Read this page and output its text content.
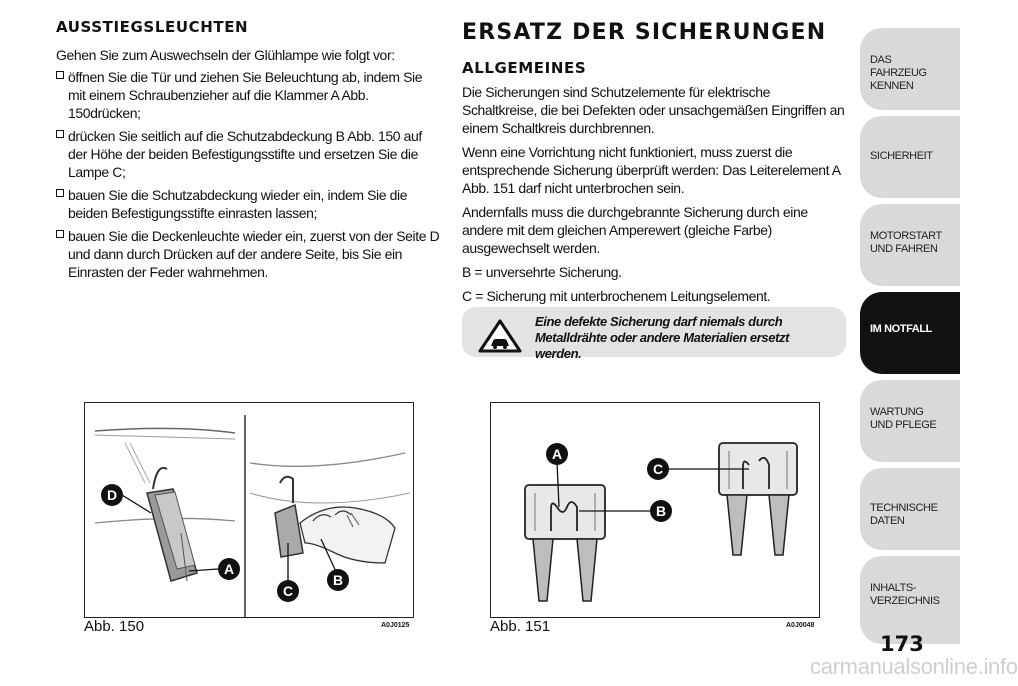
AUSSTIEGSLEUCHTEN

Gehen Sie zum Auswechseln der Glühlampe wie folgt vor:

öffnen Sie die Tür und ziehen Sie Beleuchtung ab, indem Sie mit einem Schraubenzieher auf die Klammer A Abb. 150drücken;
drücken Sie seitlich auf die Schutzabdeckung B Abb. 150 auf der Höhe der beiden Befestigungsstifte und ersetzen Sie die Lampe C;
bauen Sie die Schutzabdeckung wieder ein, indem Sie die beiden Befestigungsstifte einrasten lassen;
bauen Sie die Deckenleuchte wieder ein, zuerst von der Seite D und dann durch Drücken auf der andere Seite, bis Sie ein Einrasten der Feder wahrnehmen.
ERSATZ DER SICHERUNGEN
ALLGEMEINES

Die Sicherungen sind Schutzelemente für elektrische Schaltkreise, die bei Defekten oder unsachgemäßen Eingriffen an einem Schaltkreis durchbrennen.

Wenn eine Vorrichtung nicht funktioniert, muss zuerst die entsprechende Sicherung überprüft werden: Das Leiterelement A Abb. 151 darf nicht unterbrochen sein.

Andernfalls muss die durchgebrannte Sicherung durch eine andere mit dem gleichen Amperewert (gleiche Farbe) ausgewechselt werden.

B = unversehrte Sicherung.

C = Sicherung mit unterbrochenem Leitungselement.

Eine defekte Sicherung darf niemals durch Metalldrähte oder andere Materialien ersetzt werden.
D
A
C
B
Abb. 150	A0J0125
A
B
C
Abb. 151	A0J0048
DAS FAHRZEUG KENNEN
SICHERHEIT
MOTORSTART UND FAHREN
IM NOTFALL
WARTUNG UND PFLEGE
TECHNISCHE DATEN
INHALTS-VERZEICHNIS
173
carmanualsonline.info
